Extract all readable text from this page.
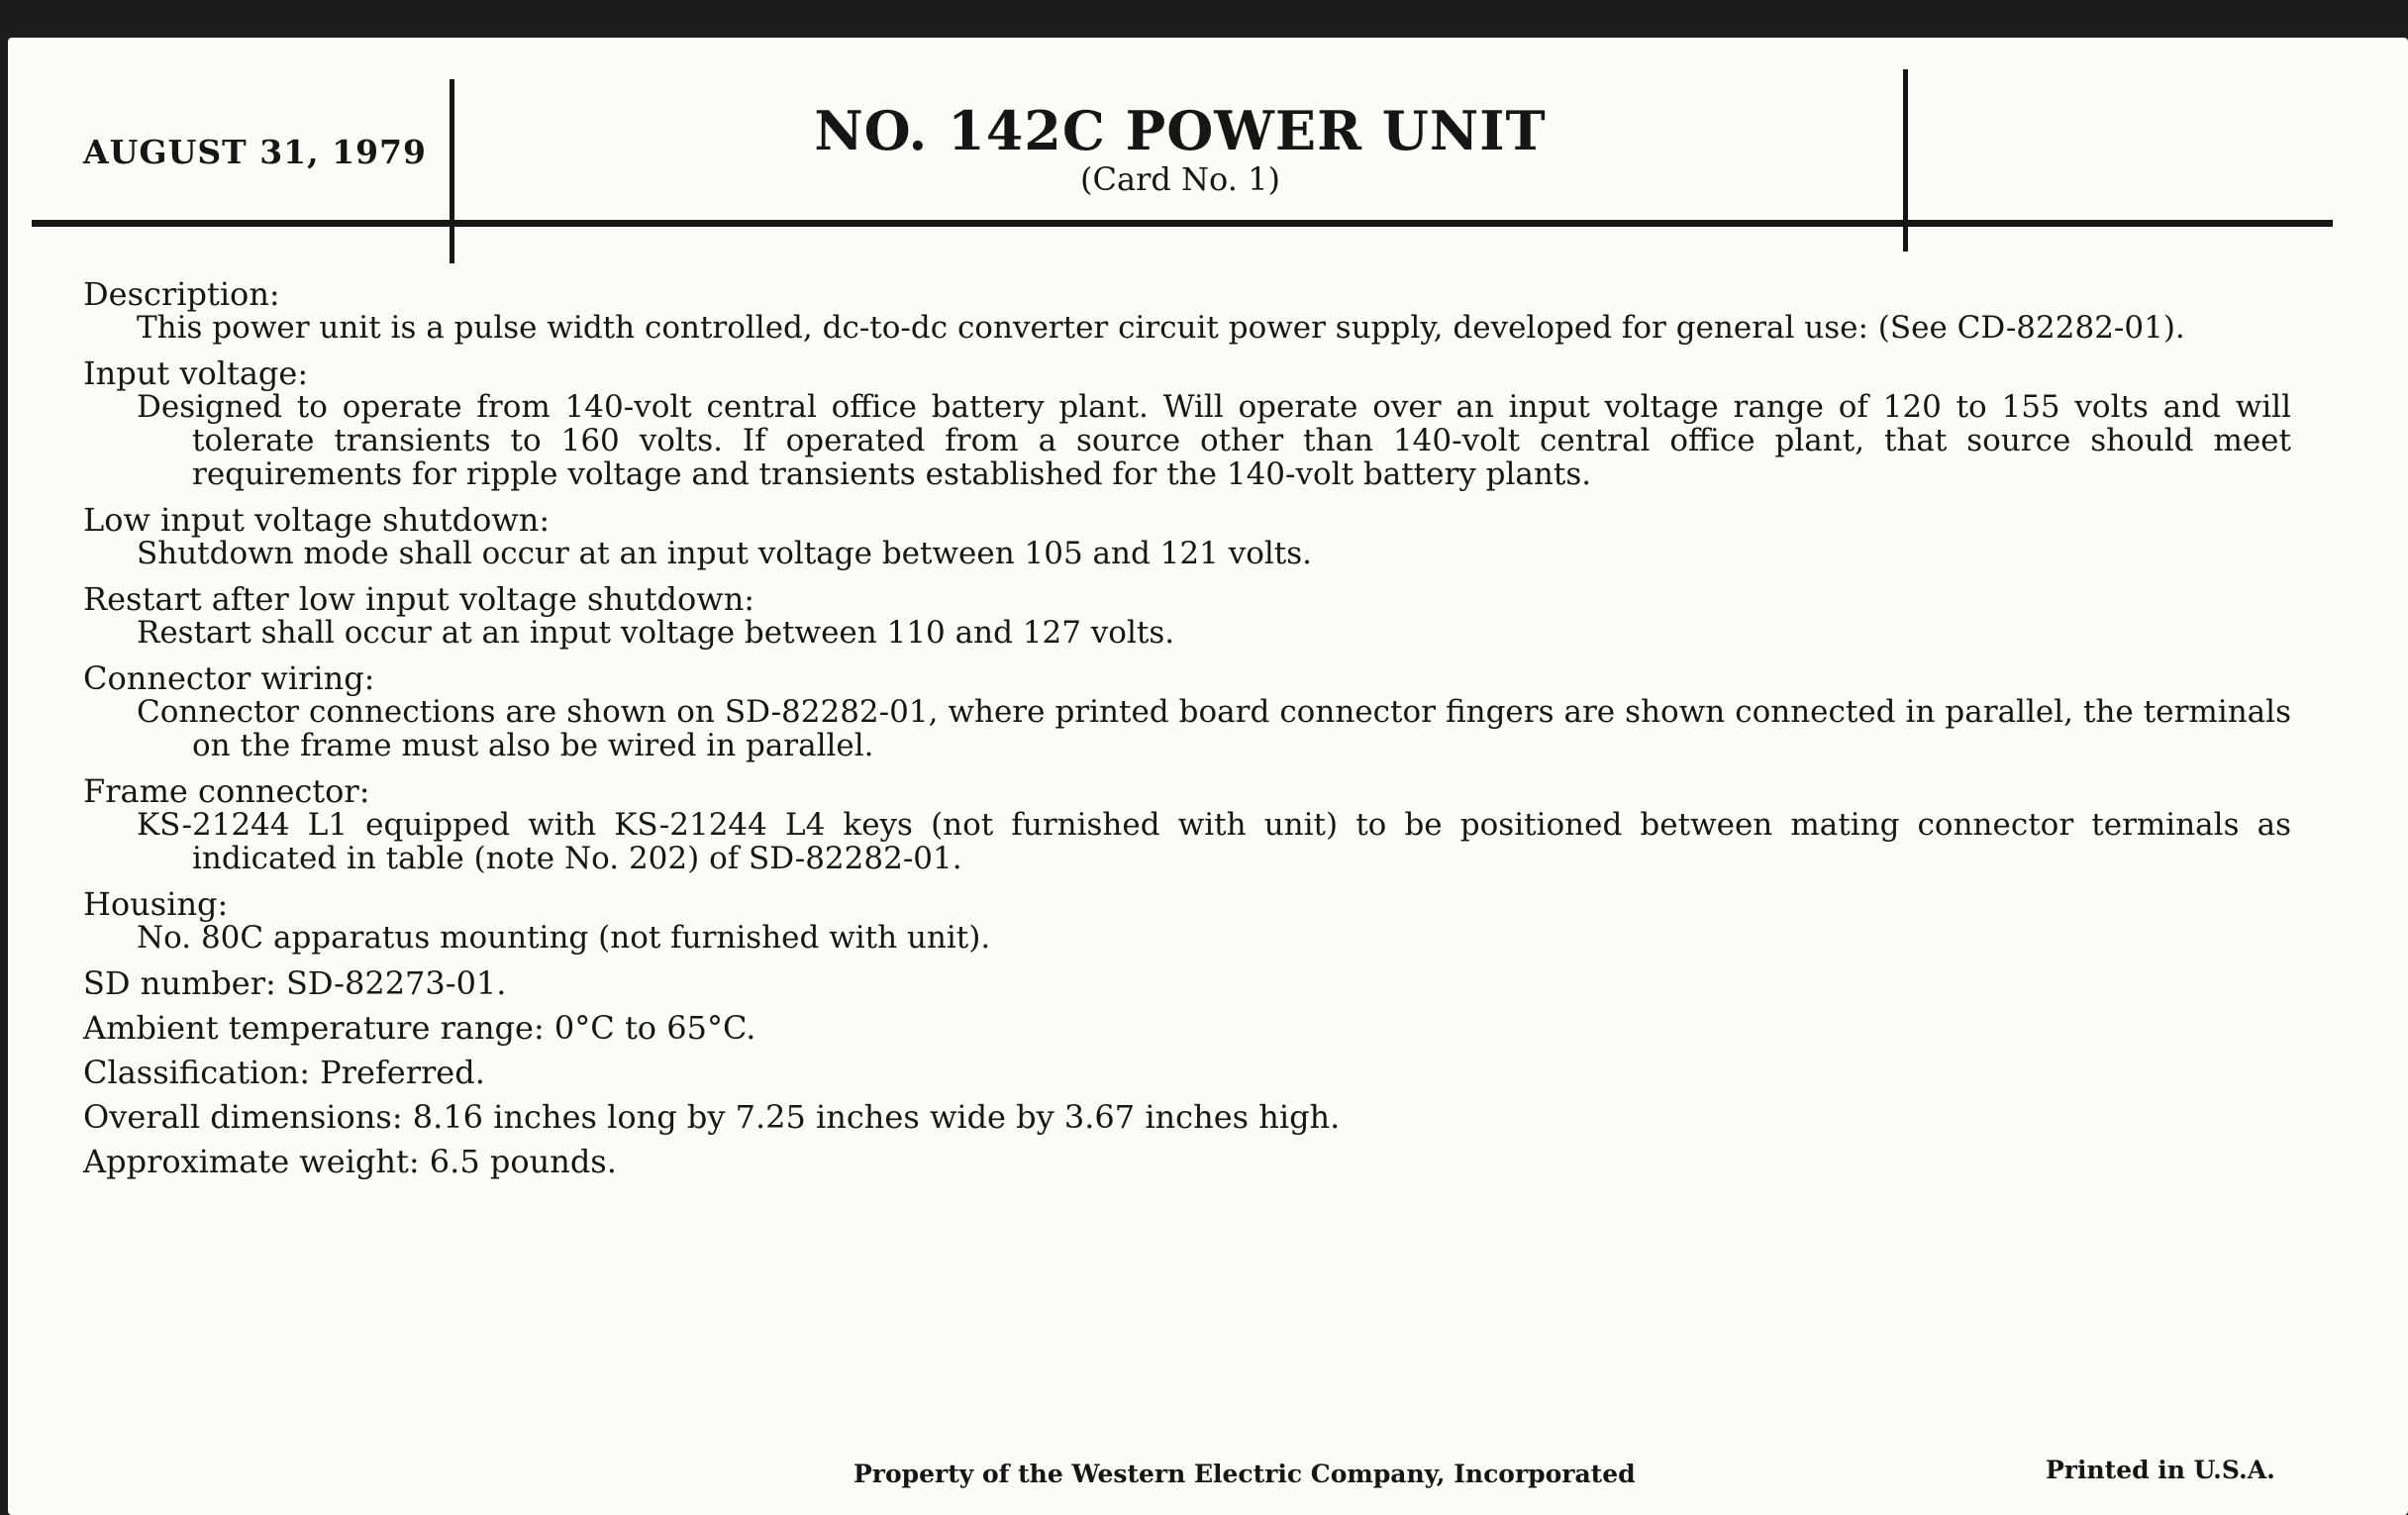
AUGUST 31, 1979	NO. 142C POWER UNIT
(Card No. 1)
Description:
This power unit is a pulse width controlled, dc-to-dc converter circuit power supply, developed for general use: (See CD-82282-01).
Input voltage:
Designed to operate from 140-volt central office battery plant. Will operate over an input voltage range of 120 to 155 volts and will tolerate transients to 160 volts. If operated from a source other than 140-volt central office plant, that source should meet requirements for ripple voltage and transients established for the 140-volt battery plants.
Low input voltage shutdown:
Shutdown mode shall occur at an input voltage between 105 and 121 volts.
Restart after low input voltage shutdown:
Restart shall occur at an input voltage between 110 and 127 volts.
Connector wiring:
Connector connections are shown on SD-82282-01, where printed board connector fingers are shown connected in parallel, the terminals on the frame must also be wired in parallel.
Frame connector:
KS-21244 L1 equipped with KS-21244 L4 keys (not furnished with unit) to be positioned between mating connector terminals as indicated in table (note No. 202) of SD-82282-01.
Housing:
No. 80C apparatus mounting (not furnished with unit).
SD number: SD-82273-01.
Ambient temperature range: 0°C to 65°C.
Classification: Preferred.
Overall dimensions: 8.16 inches long by 7.25 inches wide by 3.67 inches high.
Approximate weight: 6.5 pounds.
Property of the Western Electric Company, Incorporated	Printed in U.S.A.
